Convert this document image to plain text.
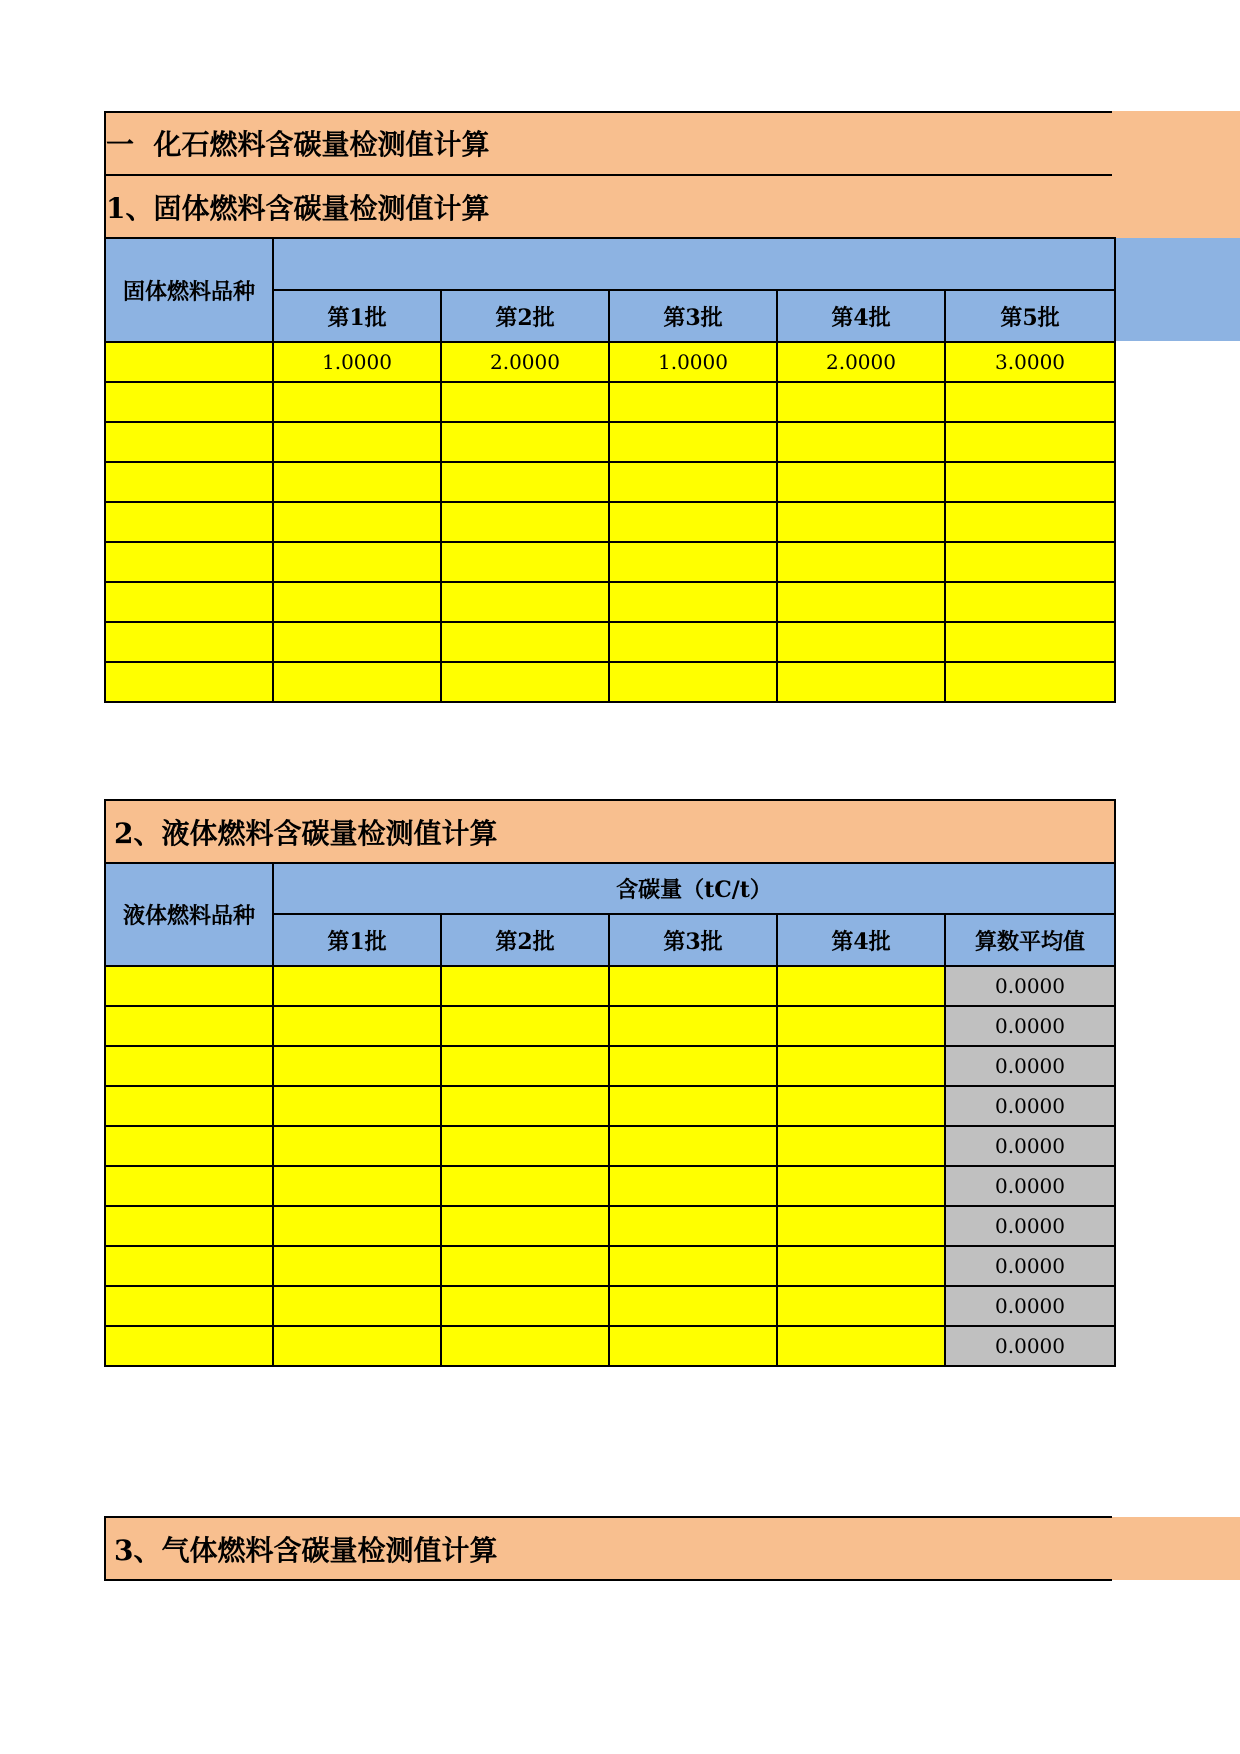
一  化石燃料含碳量检测值计算
1、固体燃料含碳量检测值计算
固体燃料品种					
	第1批	第2批	第3批	第4批	第5批
	1.0000	2.0000	1.0000	2.0000	3.0000

2、液体燃料含碳量检测值计算					
液体燃料品种	含碳量（tC/t）				
	第1批	第2批	第3批	第4批	算数平均值
					0.0000
					0.0000
					0.0000
					0.0000
					0.0000
					0.0000
					0.0000
					0.0000
					0.0000
					0.0000
3、气体燃料含碳量检测值计算
